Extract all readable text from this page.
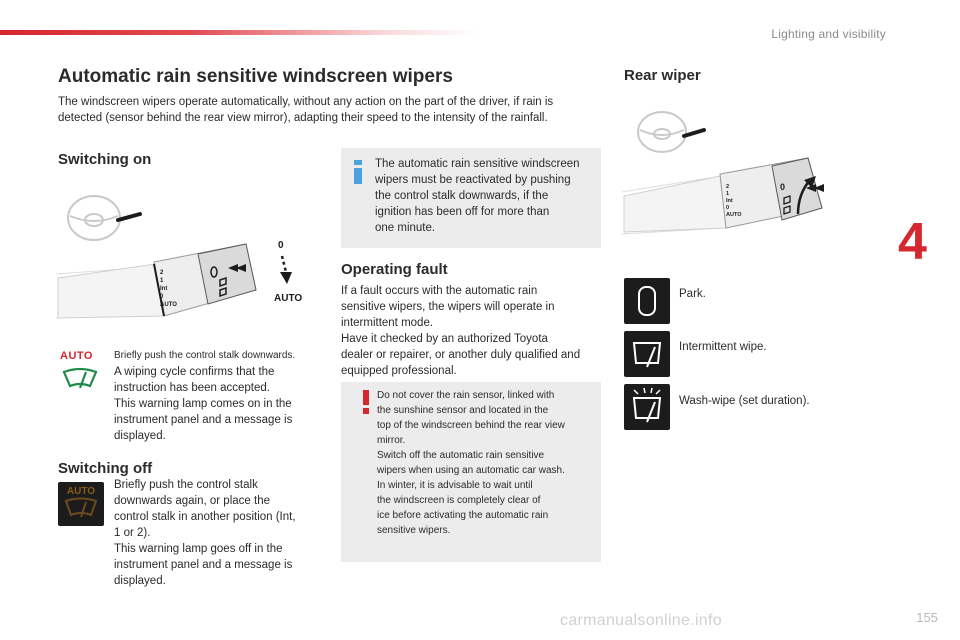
Lighting and visibility
4
155
carmanualsonline.info
Automatic rain sensitive windscreen wipers
The windscreen wipers operate automatically, without any action on the part of the driver, if rain is
detected (sensor behind the rear view mirror), adapting their speed to the intensity of the rainfall.
Switching on
2
1
Int
0
AUTO
0
AUTO
AUTO	Briefly push the control stalk downwards.
A wiping cycle confirms that the
instruction has been accepted.
This warning lamp comes on in the
instrument panel and a message is
displayed.
Switching off
AUTO
Briefly push the control stalk
downwards again, or place the
control stalk in another position (Int,
1 or 2).
This warning lamp goes off in the
instrument panel and a message is
displayed.
The automatic rain sensitive windscreen
wipers must be reactivated by pushing
the control stalk downwards, if the
ignition has been off for more than
one minute.
Operating fault
If a fault occurs with the automatic rain
sensitive wipers, the wipers will operate in
intermittent mode.
Have it checked by an authorized Toyota
dealer or repairer, or another duly qualified and
equipped professional.
Do not cover the rain sensor, linked with
the sunshine sensor and located in the
top of the windscreen behind the rear view
mirror.
Switch off the automatic rain sensitive
wipers when using an automatic car wash.
In winter, it is advisable to wait until
the windscreen is completely clear of
ice before activating the automatic rain
sensitive wipers.
Rear wiper
2
1
Int
0
AUTO
0
Park.
Intermittent wipe.
Wash-wipe (set duration).
